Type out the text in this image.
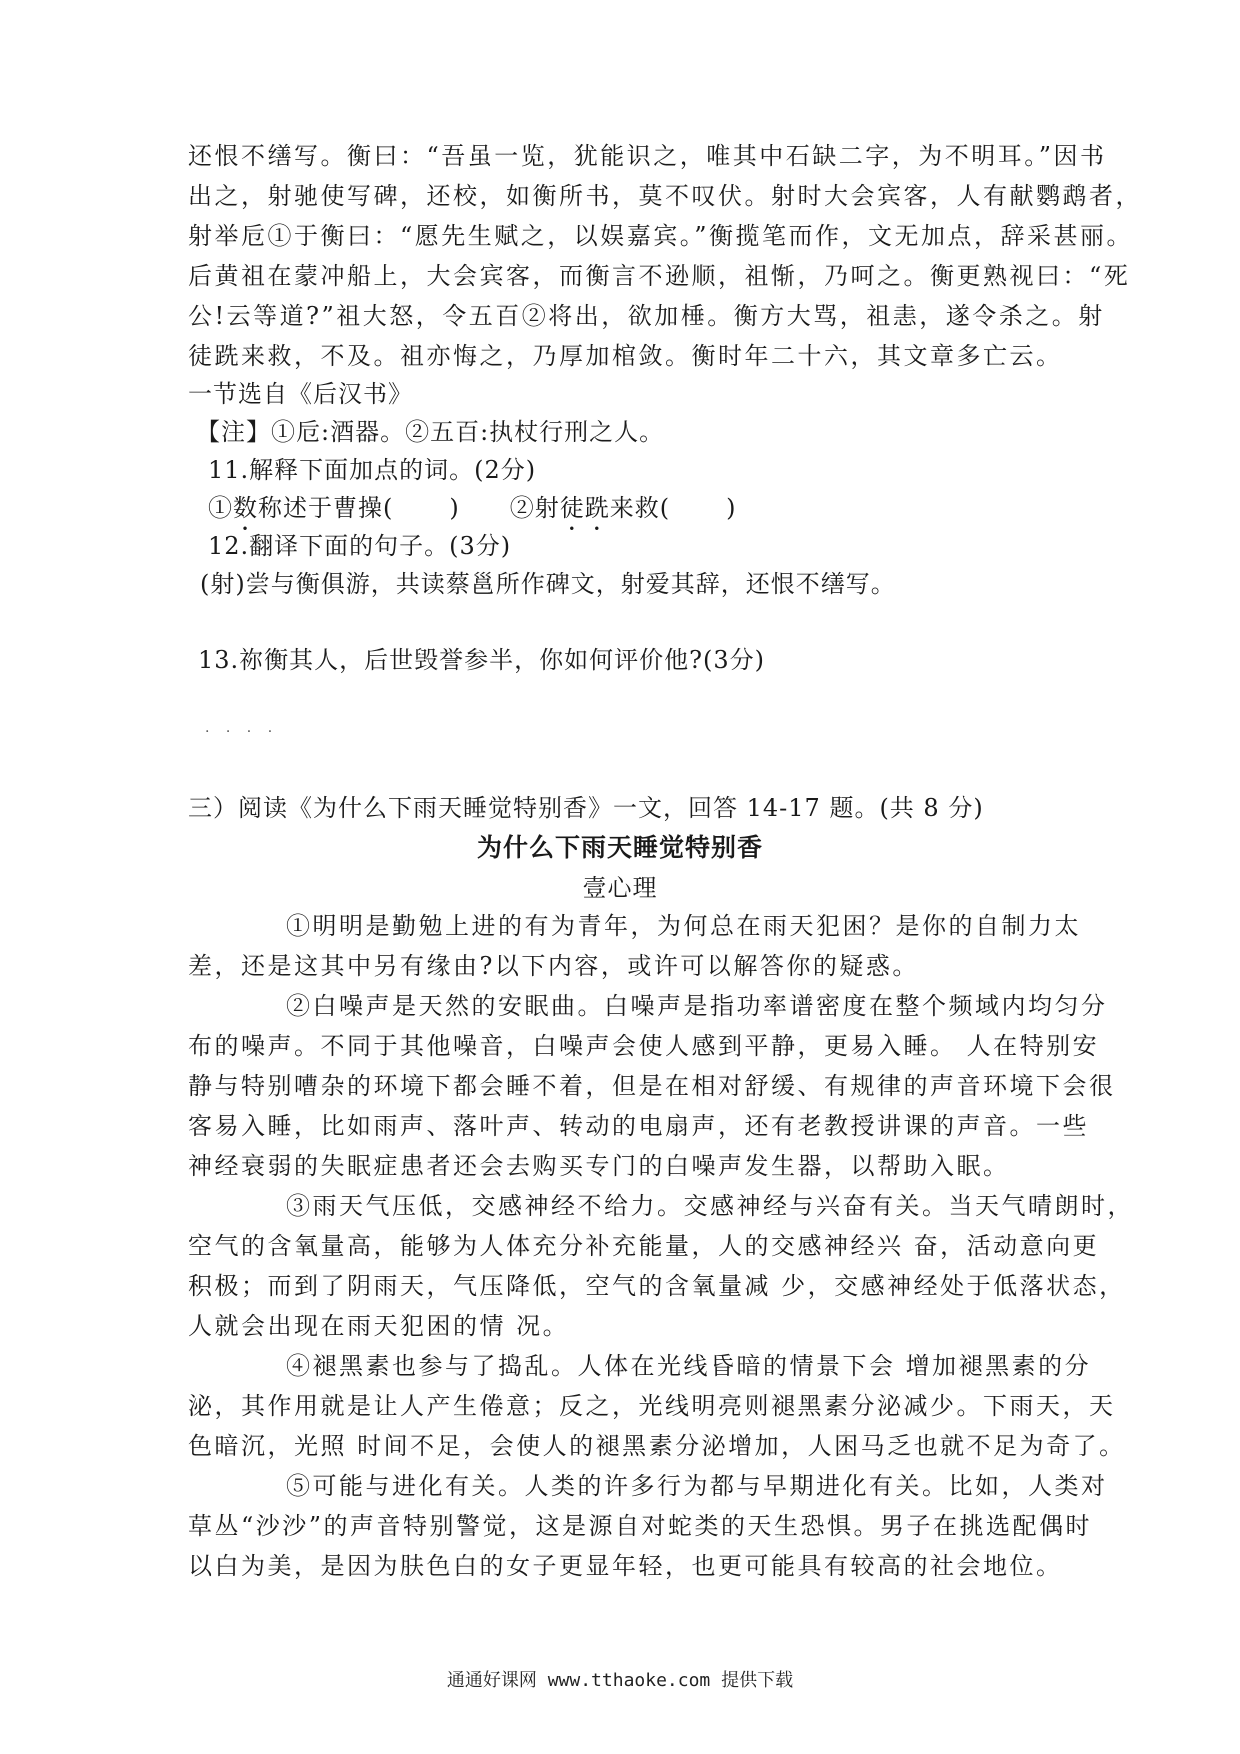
还恨不缮写。衡曰：“吾虽一览，犹能识之，唯其中石缺二字，为不明耳。”因书
出之，射驰使写碑，还校，如衡所书，莫不叹伏。射时大会宾客，人有献鹦鹉者，
射举卮①于衡曰：“愿先生赋之，以娱嘉宾。”衡揽笔而作，文无加点，辞采甚丽。
后黄祖在蒙冲船上，大会宾客，而衡言不逊顺，祖惭，乃呵之。衡更熟视曰：“死
公!云等道?”祖大怒，令五百②将出，欲加棰。衡方大骂，祖恚，遂令杀之。射
徒跣来救，不及。祖亦悔之，乃厚加棺敛。衡时年二十六，其文章多亡云。
一节选自《后汉书》
【注】①卮:酒器。②五百:执杖行刑之人。
11.解释下面加点的词。(2分)
①数称述于曹操( ) ②射徒跣来救( )
12.翻译下面的句子。(3分)
(射)尝与衡俱游，共读蔡邕所作碑文，射爱其辞，还恨不缮写。
13.祢衡其人，后世毁誉参半，你如何评价他?(3分)
· · · ·
三）阅读《为什么下雨天睡觉特别香》一文，回答 14-17 题。(共 8 分)
为什么下雨天睡觉特别香
壹心理
①明明是勤勉上进的有为青年，为何总在雨天犯困？是你的自制力太
差，还是这其中另有缘由?以下内容，或许可以解答你的疑惑。
②白噪声是天然的安眠曲。白噪声是指功率谱密度在整个频域内均匀分
布的噪声。不同于其他噪音，白噪声会使人感到平静，更易入睡。 人在特别安
静与特别嘈杂的环境下都会睡不着，但是在相对舒缓、有规律的声音环境下会很
客易入睡，比如雨声、落叶声、转动的电扇声，还有老教授讲课的声音。一些
神经衰弱的失眠症患者还会去购买专门的白噪声发生器，以帮助入眠。
③雨天气压低，交感神经不给力。交感神经与兴奋有关。当天气晴朗时，
空气的含氧量高，能够为人体充分补充能量，人的交感神经兴 奋，活动意向更
积极；而到了阴雨天，气压降低，空气的含氧量减 少，交感神经处于低落状态，
人就会出现在雨天犯困的情 况。
④褪黑素也参与了捣乱。人体在光线昏暗的情景下会 增加褪黑素的分
泌，其作用就是让人产生倦意；反之，光线明亮则褪黑素分泌减少。下雨天，天
色暗沉，光照 时间不足，会使人的褪黑素分泌增加，人困马乏也就不足为奇了。
⑤可能与进化有关。人类的许多行为都与早期进化有关。比如，人类对
草丛“沙沙”的声音特别警觉，这是源自对蛇类的天生恐惧。男子在挑选配偶时
以白为美，是因为肤色白的女子更显年轻，也更可能具有较高的社会地位。
通通好课网 www.tthaoke.com 提供下载
